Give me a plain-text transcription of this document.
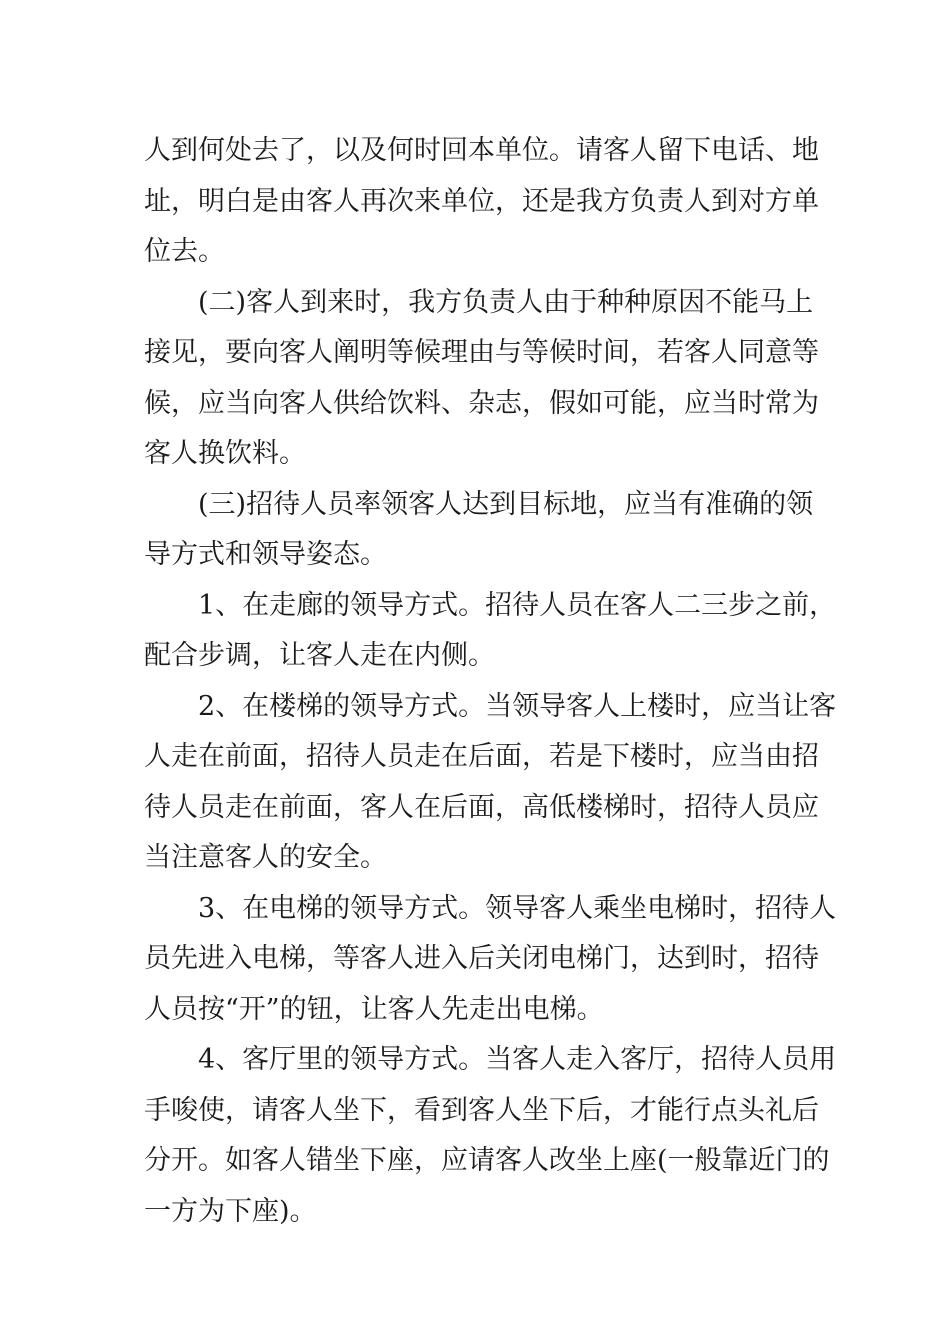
人到何处去了，以及何时回本单位。请客人留下电话、地
址，明白是由客人再次来单位，还是我方负责人到对方单
位去。
(二)客人到来时，我方负责人由于种种原因不能马上
接见，要向客人阐明等候理由与等候时间，若客人同意等
候，应当向客人供给饮料、杂志，假如可能，应当时常为
客人换饮料。
(三)招待人员率领客人达到目标地，应当有准确的领
导方式和领导姿态。
1、在走廊的领导方式。招待人员在客人二三步之前，
配合步调，让客人走在内侧。
2、在楼梯的领导方式。当领导客人上楼时，应当让客
人走在前面，招待人员走在后面，若是下楼时，应当由招
待人员走在前面，客人在后面，高低楼梯时，招待人员应
当注意客人的安全。
3、在电梯的领导方式。领导客人乘坐电梯时，招待人
员先进入电梯，等客人进入后关闭电梯门，达到时，招待
人员按“开”的钮，让客人先走出电梯。
4、客厅里的领导方式。当客人走入客厅，招待人员用
手唆使，请客人坐下，看到客人坐下后，才能行点头礼后
分开。如客人错坐下座，应请客人改坐上座(一般靠近门的
一方为下座)。
